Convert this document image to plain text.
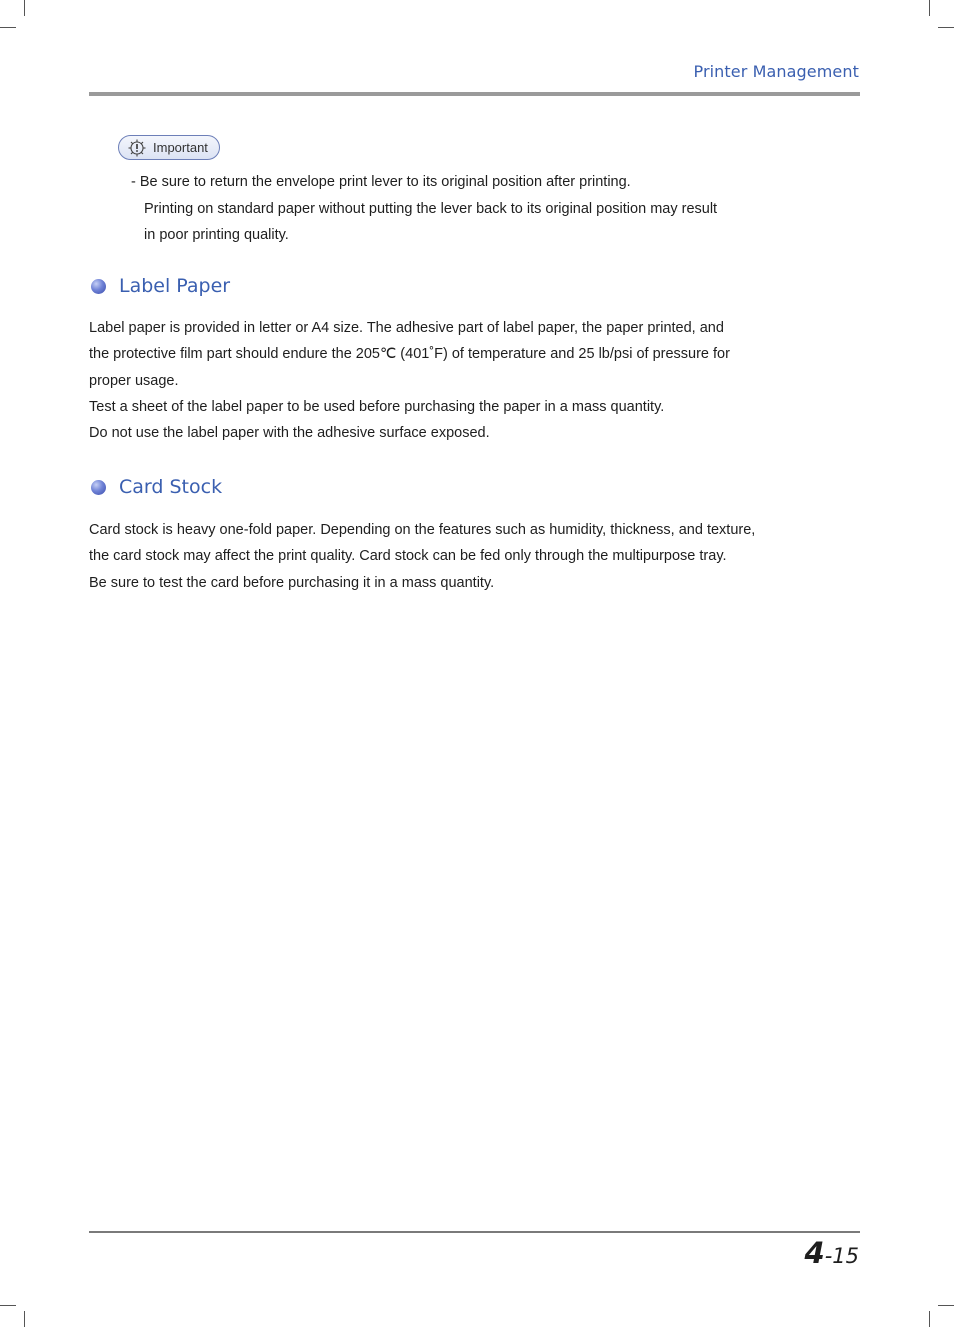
Printer Management
Important
- Be sure to return the envelope print lever to its original position after printing.
Printing on standard paper without putting the lever back to its original position may result
in poor printing quality.
Label Paper
Label paper is provided in letter or A4 size. The adhesive part of label paper, the paper printed, and
the protective film part should endure the 205℃ (401˚F) of temperature and 25 lb/psi of pressure for
proper usage.
Test a sheet of the label paper to be used before purchasing the paper in a mass quantity.
Do not use the label paper with the adhesive surface exposed.
Card Stock
Card stock is heavy one-fold paper. Depending on the features such as humidity, thickness, and texture,
the card stock may affect the print quality. Card stock can be fed only through the multipurpose tray.
Be sure to test the card before purchasing it in a mass quantity.
4-15
